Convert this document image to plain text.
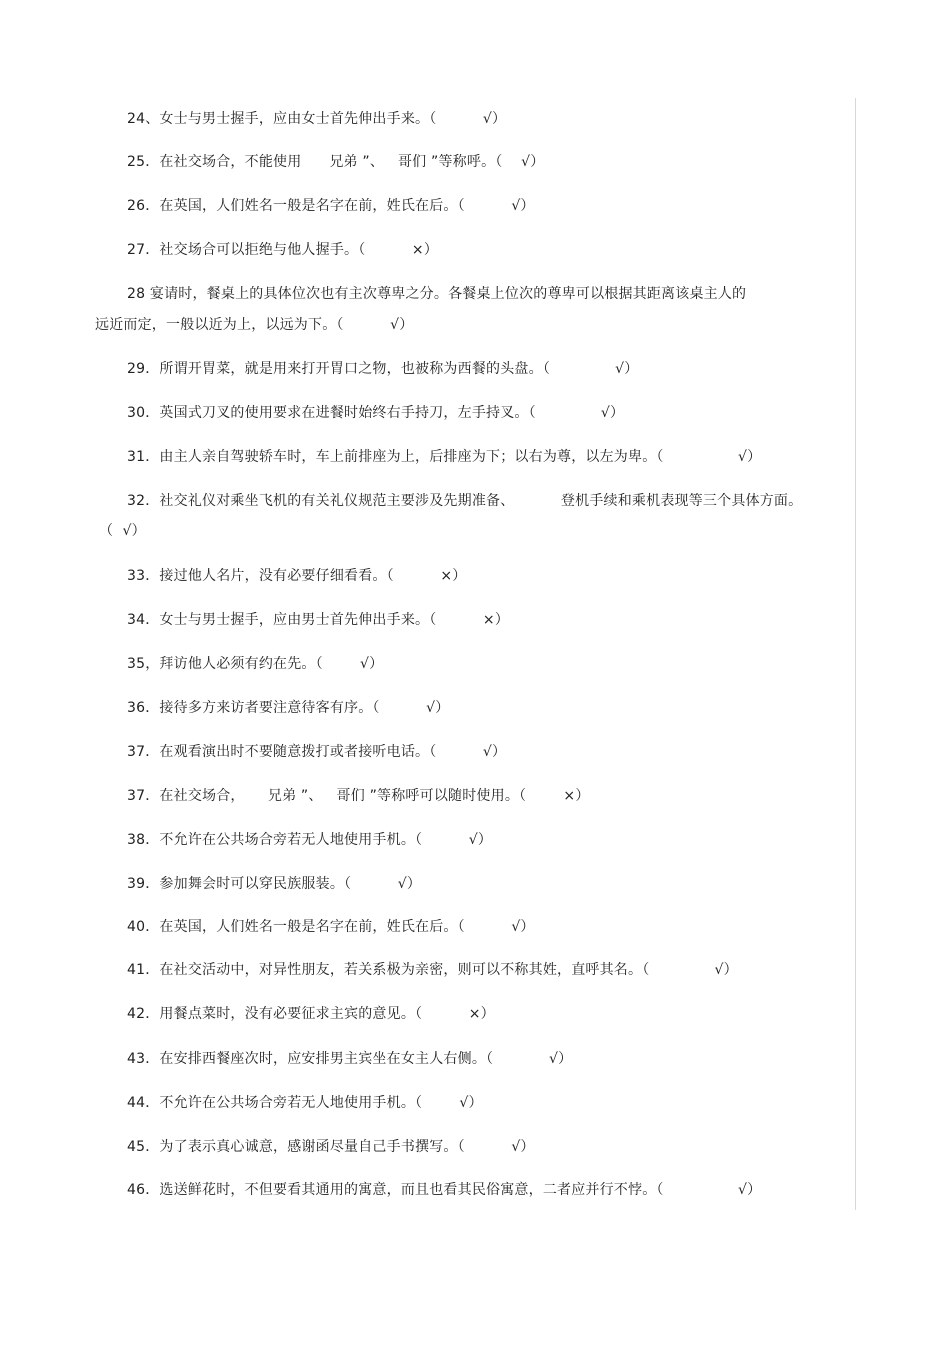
24、女士与男士握手，应由女士首先伸出手来。（          √）
25．在社交场合，不能使用      兄弟 ”、   哥们 ”等称呼。（    √）
26．在英国，人们姓名一般是名字在前，姓氏在后。（          √）
27．社交场合可以拒绝与他人握手。（          ×）
28 宴请时，餐桌上的具体位次也有主次尊卑之分。各餐桌上位次的尊卑可以根据其距离该桌主人的
远近而定，一般以近为上，以远为下。（          √）
29．所谓开胃菜，就是用来打开胃口之物，也被称为西餐的头盘。（              √）
30．英国式刀叉的使用要求在进餐时始终右手持刀，左手持叉。（              √）
31．由主人亲自驾驶轿车时，车上前排座为上，后排座为下；以右为尊，以左为卑。（                √）
32．社交礼仪对乘坐飞机的有关礼仪规范主要涉及先期准备、          登机手续和乘机表现等三个具体方面。
（  √）
33．接过他人名片，没有必要仔细看看。（          ×）
34．女士与男士握手，应由男士首先伸出手来。（          ×）
35，拜访他人必须有约在先。（        √）
36．接待多方来访者要注意待客有序。（          √）
37．在观看演出时不要随意拨打或者接听电话。（          √）
37．在社交场合，     兄弟 ”、   哥们 ”等称呼可以随时使用。（        ×）
38．不允许在公共场合旁若无人地使用手机。（          √）
39．参加舞会时可以穿民族服装。（          √）
40．在英国，人们姓名一般是名字在前，姓氏在后。（          √）
41．在社交活动中，对异性朋友，若关系极为亲密，则可以不称其姓，直呼其名。（              √）
42．用餐点菜时，没有必要征求主宾的意见。（          ×）
43．在安排西餐座次时，应安排男主宾坐在女主人右侧。（            √）
44．不允许在公共场合旁若无人地使用手机。（        √）
45．为了表示真心诚意，感谢函尽量自己手书撰写。（          √）
46．选送鲜花时，不但要看其通用的寓意，而且也看其民俗寓意，二者应并行不悖。（                √）
